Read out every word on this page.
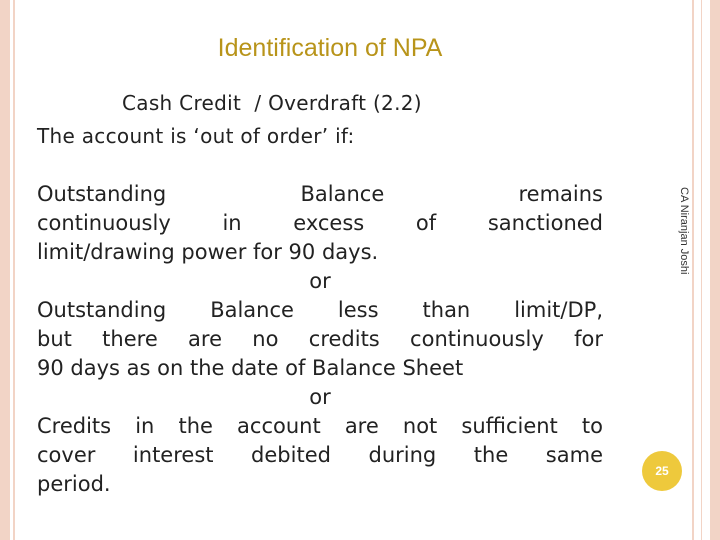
Identification of NPA
Cash Credit  / Overdraft (2.2)
The account is ‘out of order’ if:
Outstanding Balance remains
continuously in excess of sanctioned
limit/drawing power for 90 days.
or
Outstanding Balance less than limit/DP,
but there are no credits continuously for
90 days as on the date of Balance Sheet
or
Credits in the account are not sufficient to
cover interest debited during the same
period.
CA Niranjan Joshi
25
